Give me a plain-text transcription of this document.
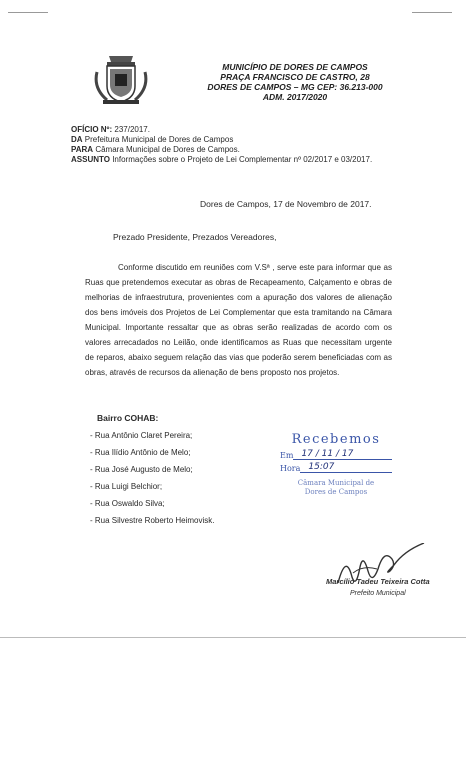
MUNICÍPIO DE DORES DE CAMPOS
PRAÇA FRANCISCO DE CASTRO, 28
DORES DE CAMPOS – MG CEP: 36.213-000
ADM. 2017/2020
OFÍCIO Nº: 237/2017.
DA Prefeitura Municipal de Dores de Campos
PARA Câmara Municipal de Dores de Campos.
ASSUNTO Informações sobre o Projeto de Lei Complementar nº 02/2017 e 03/2017.
Dores de Campos, 17 de Novembro de 2017.
Prezado Presidente, Prezados Vereadores,
Conforme discutido em reuniões com V.Sª , serve este para informar que as Ruas que pretendemos executar as obras de Recapeamento, Calçamento e obras de melhorias de infraestrutura, provenientes com a apuração dos valores de alienação dos bens imóveis dos Projetos de Lei Complementar que esta tramitando na Câmara Municipal. Importante ressaltar que as obras serão realizadas de acordo com os valores arrecadados no Leilão, onde identificamos as Ruas que necessitam urgente de reparos, abaixo seguem relação das vias que poderão serem beneficiadas com as obras, através de recursos da alienação de bens proposto nos projetos.
Bairro COHAB:
- Rua Antônio Claret Pereira;
- Rua Ilídio Antônio de Melo;
- Rua José Augusto de Melo;
- Rua Luigi Belchior;
- Rua Oswaldo Silva;
- Rua Silvestre Roberto Heimovisk.
Recebemos
Em 17 / 11 / 17
Hora 15:07
Câmara Municipal de
Dores de Campos
Marcílio Tadeu Teixeira Cotta
Prefeito Municipal
